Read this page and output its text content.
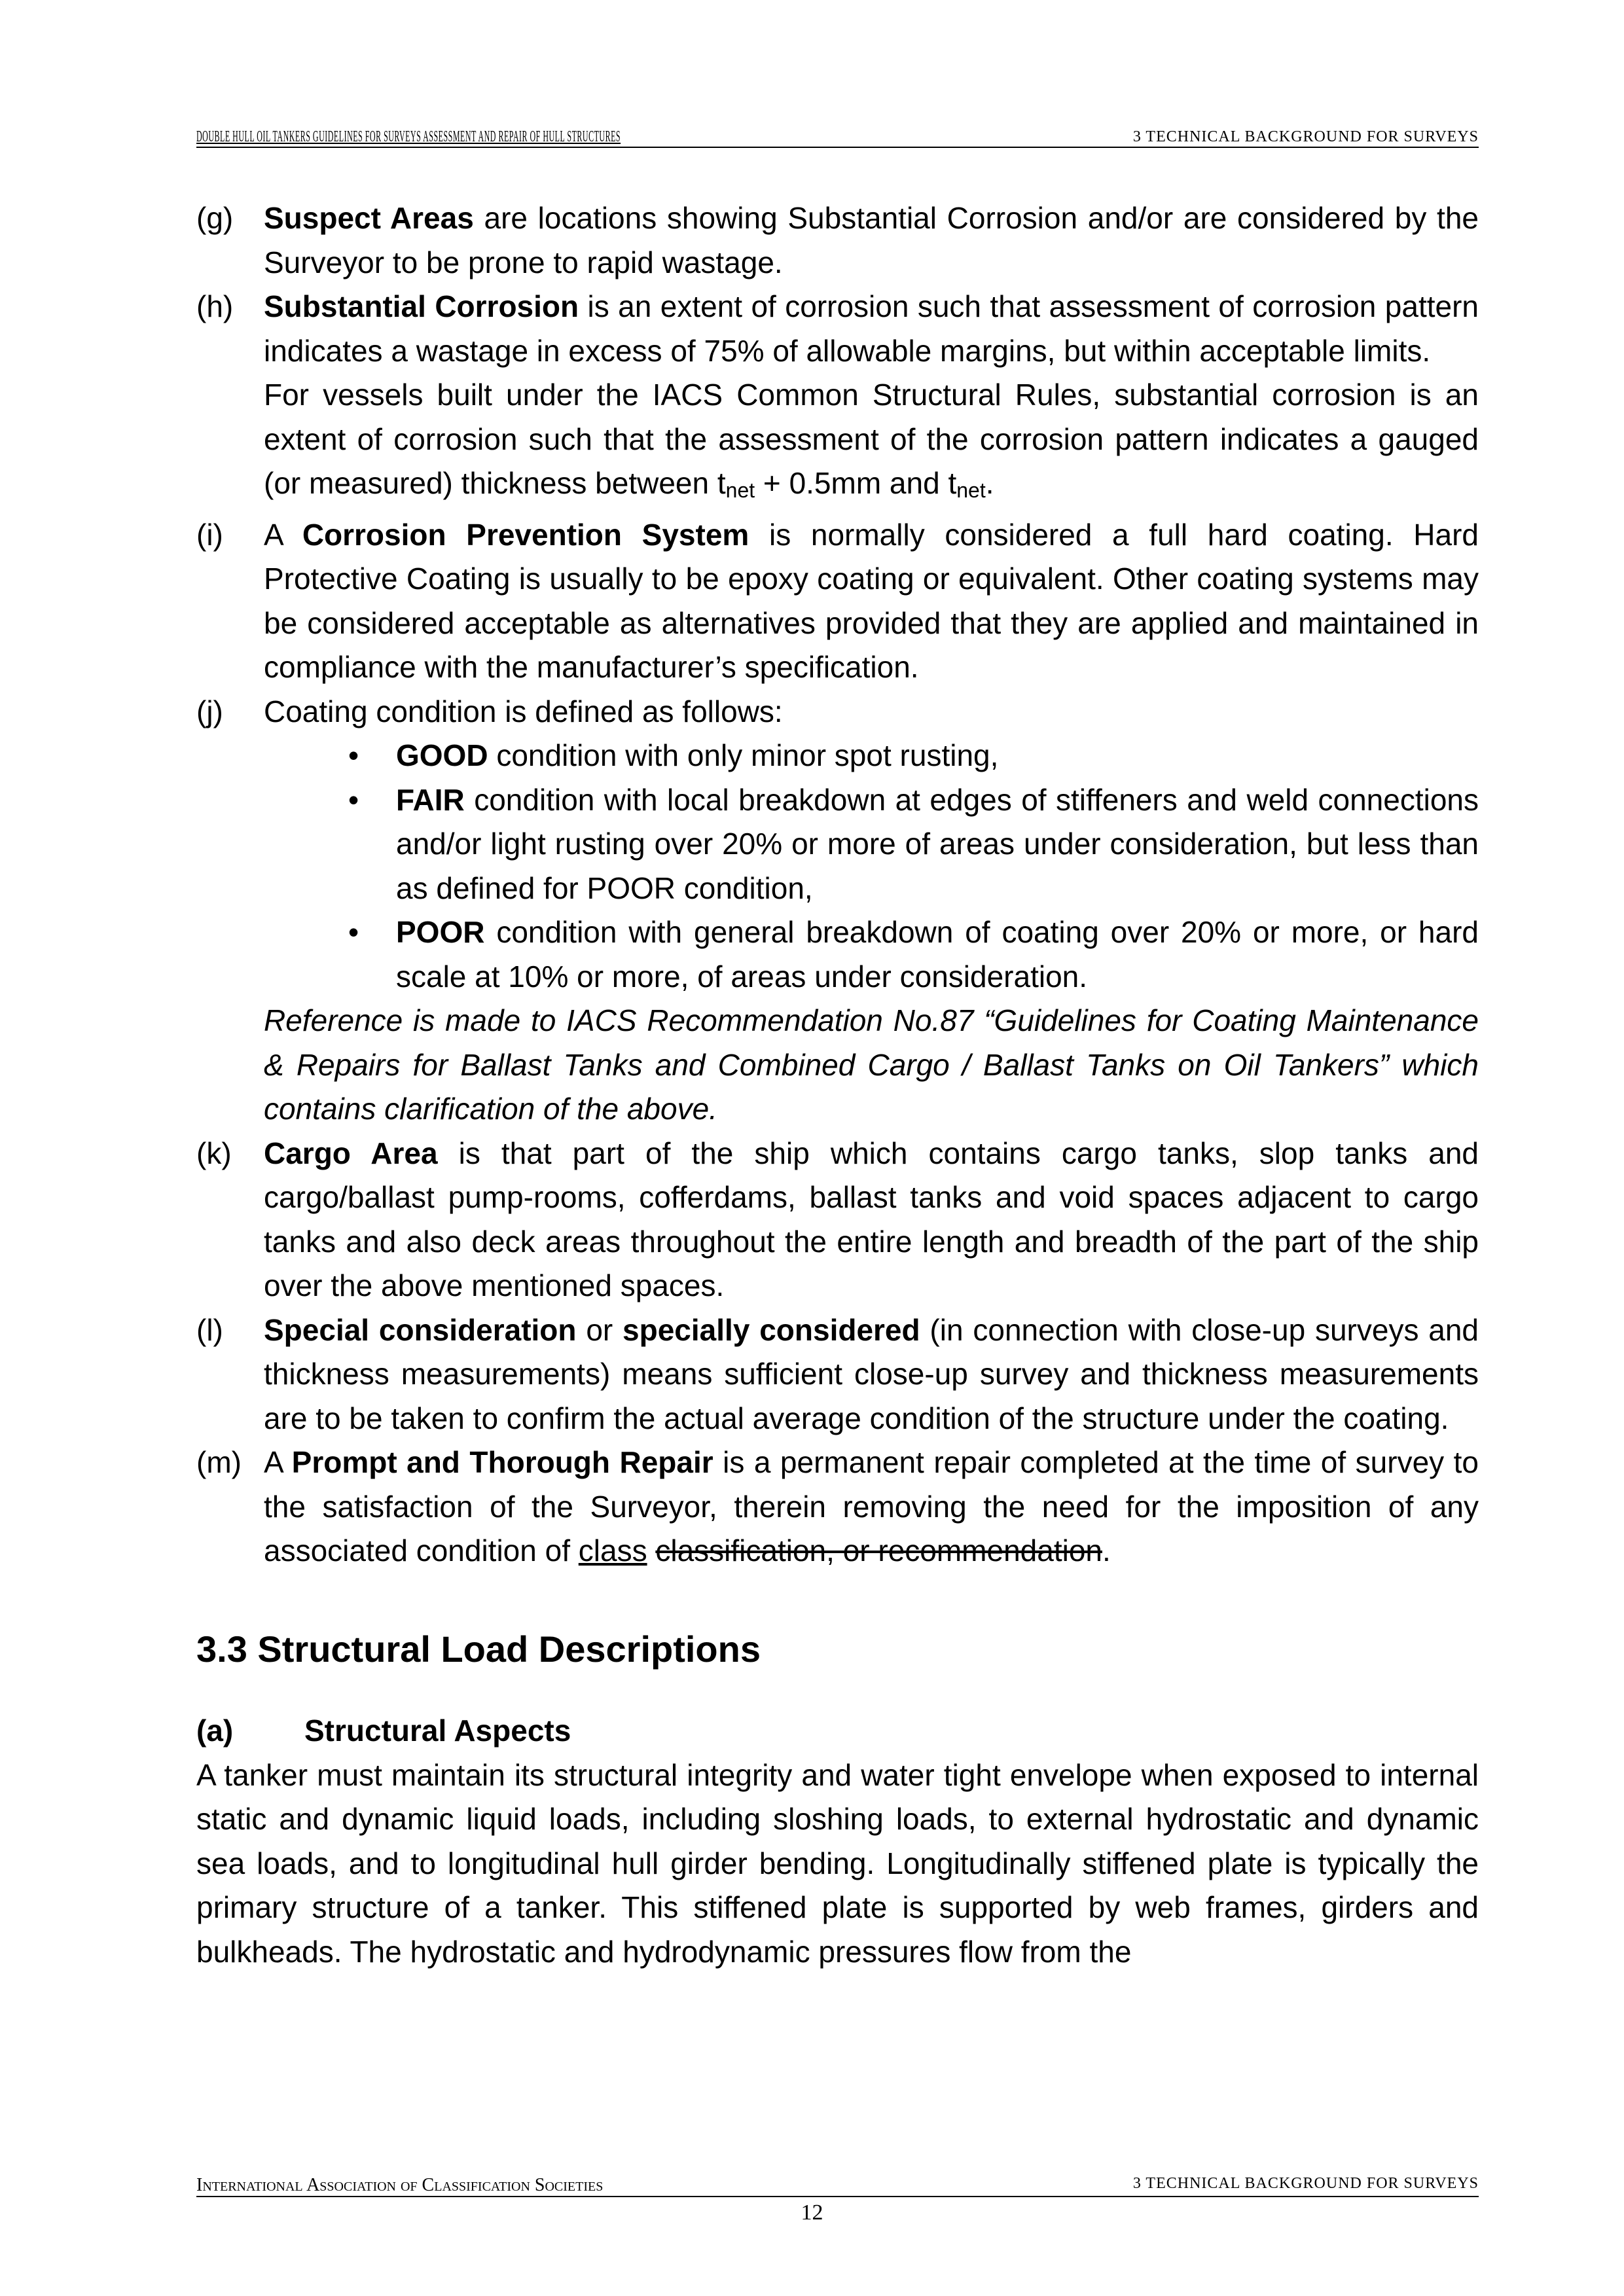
DOUBLE HULL OIL TANKERS GUIDELINES FOR SURVEYS ASSESSMENT AND REPAIR OF HULL STRUCTURES	3 TECHNICAL BACKGROUND FOR SURVEYS
(g) Suspect Areas are locations showing Substantial Corrosion and/or are considered by the Surveyor to be prone to rapid wastage.
(h) Substantial Corrosion is an extent of corrosion such that assessment of corrosion pattern indicates a wastage in excess of 75% of allowable margins, but within acceptable limits.

For vessels built under the IACS Common Structural Rules, substantial corrosion is an extent of corrosion such that the assessment of the corrosion pattern indicates a gauged (or measured) thickness between $t_{net} + 0.5mm$ and $t_{net}$.

(i) A Corrosion Prevention System is normally considered a full hard coating. Hard Protective Coating is usually to be epoxy coating or equivalent. Other coating systems may be considered acceptable as alternatives provided that they are applied and maintained in compliance with the manufacturer’s specification.
(j) Coating condition is defined as follows:
• GOOD condition with only minor spot rusting,
• FAIR condition with local breakdown at edges of stiffeners and weld connections and/or light rusting over 20% or more of areas under consideration, but less than as defined for POOR condition,
• POOR condition with general breakdown of coating over 20% or more, or hard scale at 10% or more, of areas under consideration.
Reference is made to IACS Recommendation No.87 “Guidelines for Coating Maintenance & Repairs for Ballast Tanks and Combined Cargo / Ballast Tanks on Oil Tankers” which contains clarification of the above.
(k) Cargo Area is that part of the ship which contains cargo tanks, slop tanks and cargo/ballast pump-rooms, cofferdams, ballast tanks and void spaces adjacent to cargo tanks and also deck areas throughout the entire length and breadth of the part of the ship over the above mentioned spaces.
(l) Special consideration or specially considered (in connection with close-up surveys and thickness measurements) means sufficient close-up survey and thickness measurements are to be taken to confirm the actual average condition of the structure under the coating.
(m) A Prompt and Thorough Repair is a permanent repair completed at the time of survey to the satisfaction of the Surveyor, therein removing the need for the imposition of any associated condition of class classification, or recommendation.
3.3 Structural Load Descriptions
(a) Structural Aspects

A tanker must maintain its structural integrity and water tight envelope when exposed to internal static and dynamic liquid loads, including sloshing loads, to external hydrostatic and dynamic sea loads, and to longitudinal hull girder bending. Longitudinally stiffened plate is typically the primary structure of a tanker. This stiffened plate is supported by web frames, girders and bulkheads. The hydrostatic and hydrodynamic pressures flow from the

International Association of Classification Societies	3 TECHNICAL BACKGROUND FOR SURVEYS
12
